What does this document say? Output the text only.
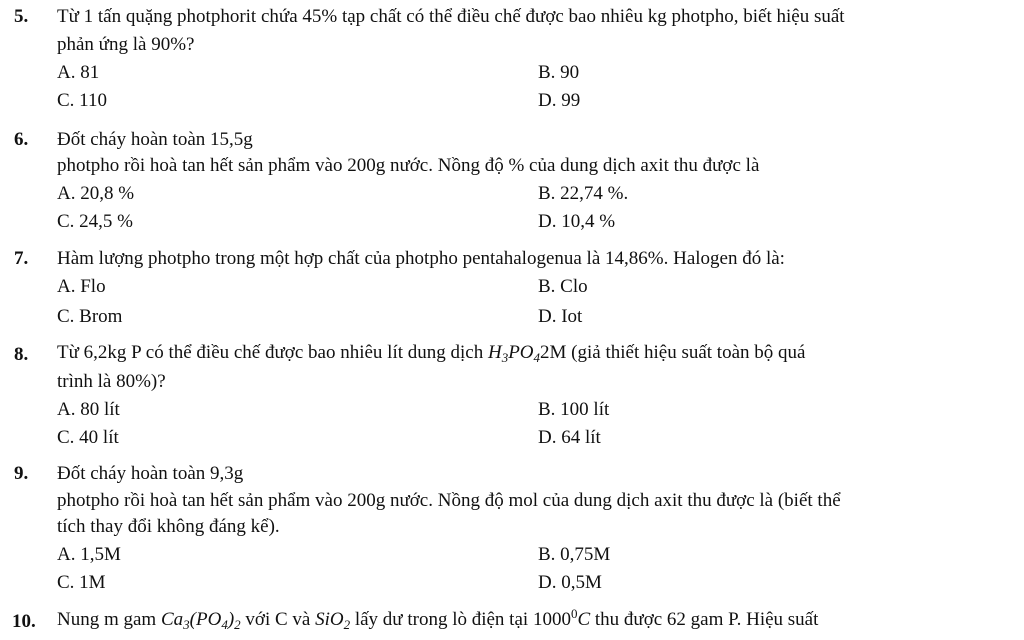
5. Từ 1 tấn quặng photphorit chứa 45% tạp chất có thể điều chế được bao nhiêu kg photpho, biết hiệu suất
phản ứng là 90%?
A. 81	B. 90
C. 110	D. 99
6. Đốt cháy hoàn toàn 15,5g
photpho rồi hoà tan hết sản phẩm vào 200g nước. Nồng độ % của dung dịch axit thu được là
A. 20,8 %	B. 22,74 %.
C. 24,5 %	D. 10,4 %
7. Hàm lượng photpho trong một hợp chất của photpho pentahalogenua là 14,86%. Halogen đó là:
A. Flo	B. Clo
C. Brom	D. Iot
8. Từ 6,2kg P có thể điều chế được bao nhiêu lít dung dịch $H_3PO_42M$ (giả thiết hiệu suất toàn bộ quá
trình là 80%)?
A. 80 lít	B. 100 lít
C. 40 lít	D. 64 lít
9. Đốt cháy hoàn toàn 9,3g
photpho rồi hoà tan hết sản phẩm vào 200g nước. Nồng độ mol của dung dịch axit thu được là (biết thể
tích thay đổi không đáng kể).
A. 1,5M	B. 0,75M
C. 1M	D. 0,5M
10. Nung m gam $Ca_3(PO_4)_2$ với C và SiO$_2$ lấy dư trong lò điện tại 1000$^0$C thu được 62 gam P. Hiệu suất
